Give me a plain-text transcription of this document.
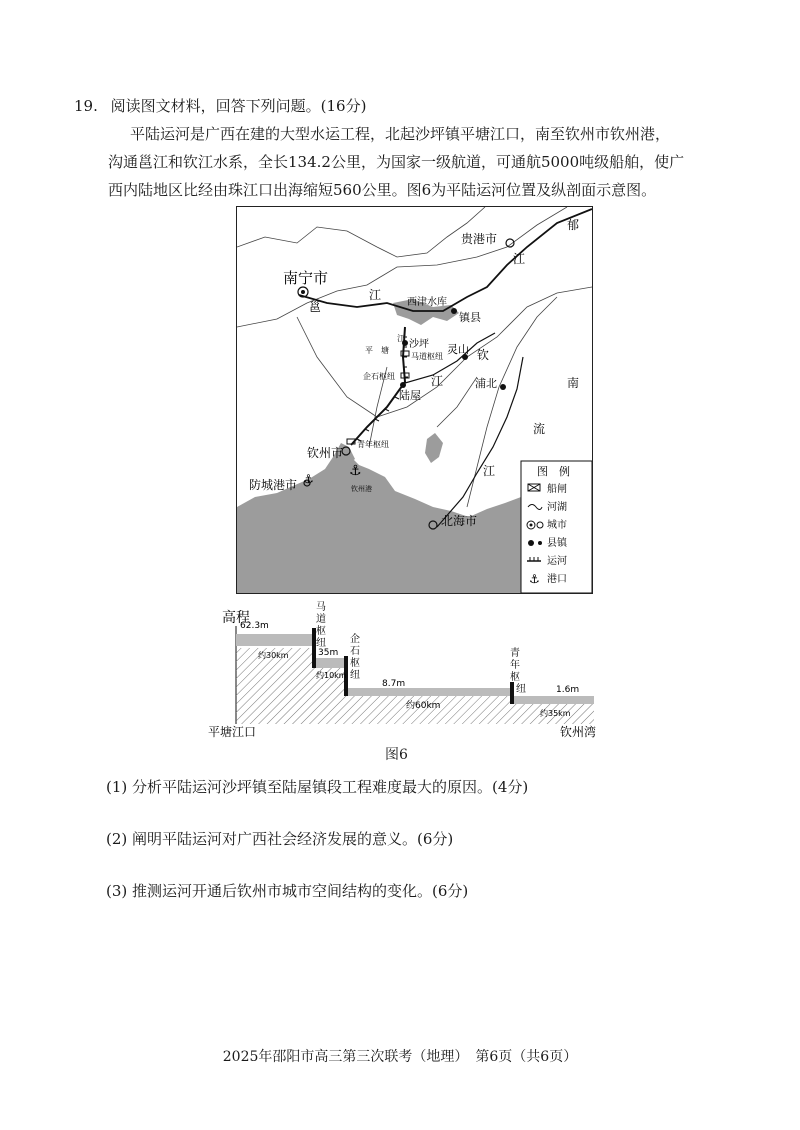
19. 阅读图文材料，回答下列问题。(16分)
平陆运河是广西在建的大型水运工程，北起沙坪镇平塘江口，南至钦州市钦州港，
沟通邕江和钦江水系，全长134.2公里，为国家一级航道，可通航5000吨级船舶，使广
西内陆地区比经由珠江口出海缩短560公里。图6为平陆运河位置及纵剖面示意图。
南宁市
贵港市
钦州市
防城港市
北海市
镇县
灵山
浦北
陆屋
沙坪
邕
江
郁
江
钦
江	南
流
江
平 塘
江
西津水库
马道枢纽
企石枢纽
青年枢纽
⚓
钦州港
⚓
图　例
船闸
河湖
城市
县镇
运河
⚓ 港口
高程
62.3m
35m
8.7m
1.6m
约30km
约10km
约60km
约35km
马
道
枢
纽 企
石
枢
纽
青
年
枢
纽
平塘江口	钦州湾
图6
(1) 分析平陆运河沙坪镇至陆屋镇段工程难度最大的原因。(4分)
(2) 阐明平陆运河对广西社会经济发展的意义。(6分)
(3) 推测运河开通后钦州市城市空间结构的变化。(6分)
2025年邵阳市高三第三次联考（地理）　第6页（共6页）
